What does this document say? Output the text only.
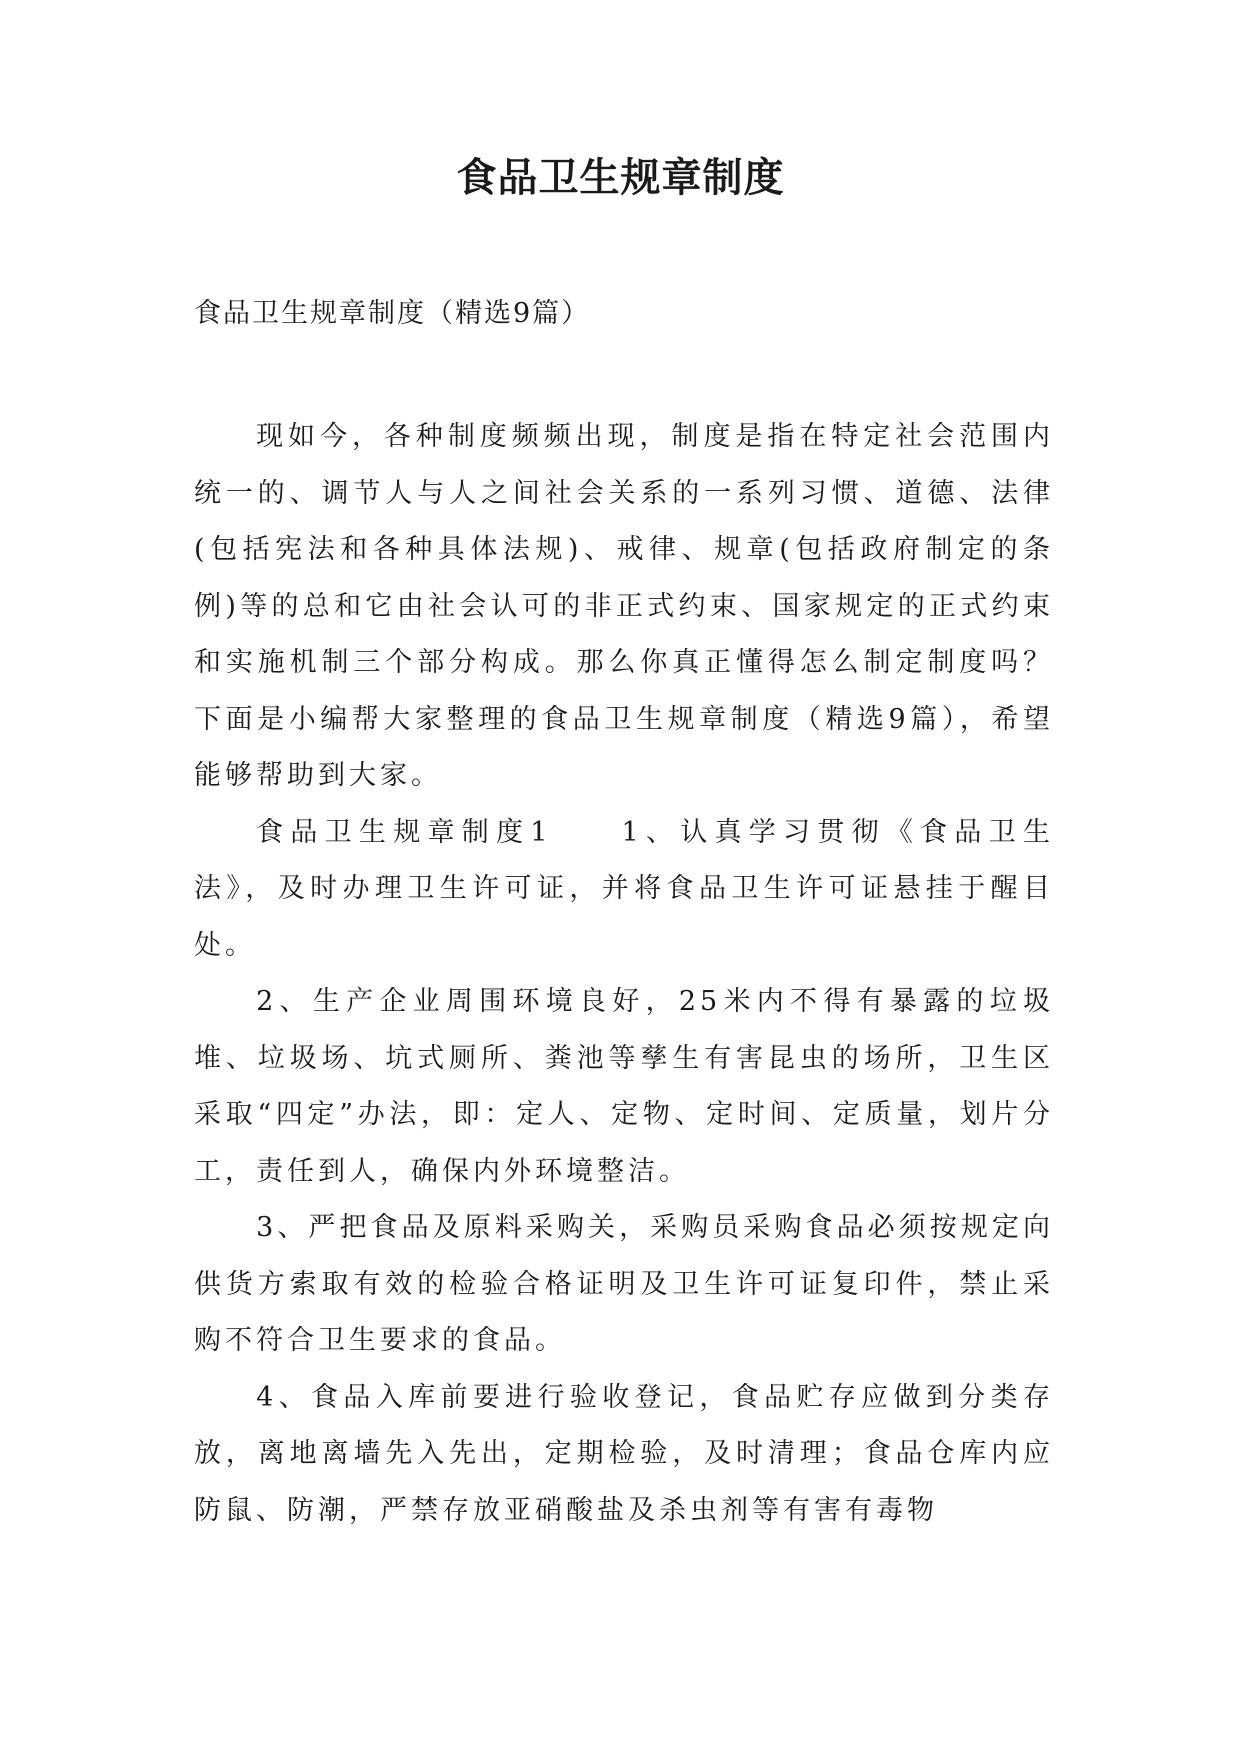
食品卫生规章制度

食品卫生规章制度（精选9篇）

现如今，各种制度频频出现，制度是指在特定社会范围内统一的、调节人与人之间社会关系的一系列习惯、道德、法律(包括宪法和各种具体法规)、戒律、规章(包括政府制定的条例)等的总和它由社会认可的非正式约束、国家规定的正式约束和实施机制三个部分构成。那么你真正懂得怎么制定制度吗？下面是小编帮大家整理的食品卫生规章制度（精选9篇），希望能够帮助到大家。

食品卫生规章制度1	1、认真学习贯彻《食品卫生法》，及时办理卫生许可证，并将食品卫生许可证悬挂于醒目处。

2、生产企业周围环境良好，25米内不得有暴露的垃圾堆、垃圾场、坑式厕所、粪池等孳生有害昆虫的场所，卫生区采取“四定”办法，即：定人、定物、定时间、定质量，划片分工，责任到人，确保内外环境整洁。

3、严把食品及原料采购关，采购员采购食品必须按规定向供货方索取有效的检验合格证明及卫生许可证复印件，禁止采购不符合卫生要求的食品。

4、食品入库前要进行验收登记，食品贮存应做到分类存放，离地离墙先入先出，定期检验，及时清理；食品仓库内应防鼠、防潮，严禁存放亚硝酸盐及杀虫剂等有害有毒物
